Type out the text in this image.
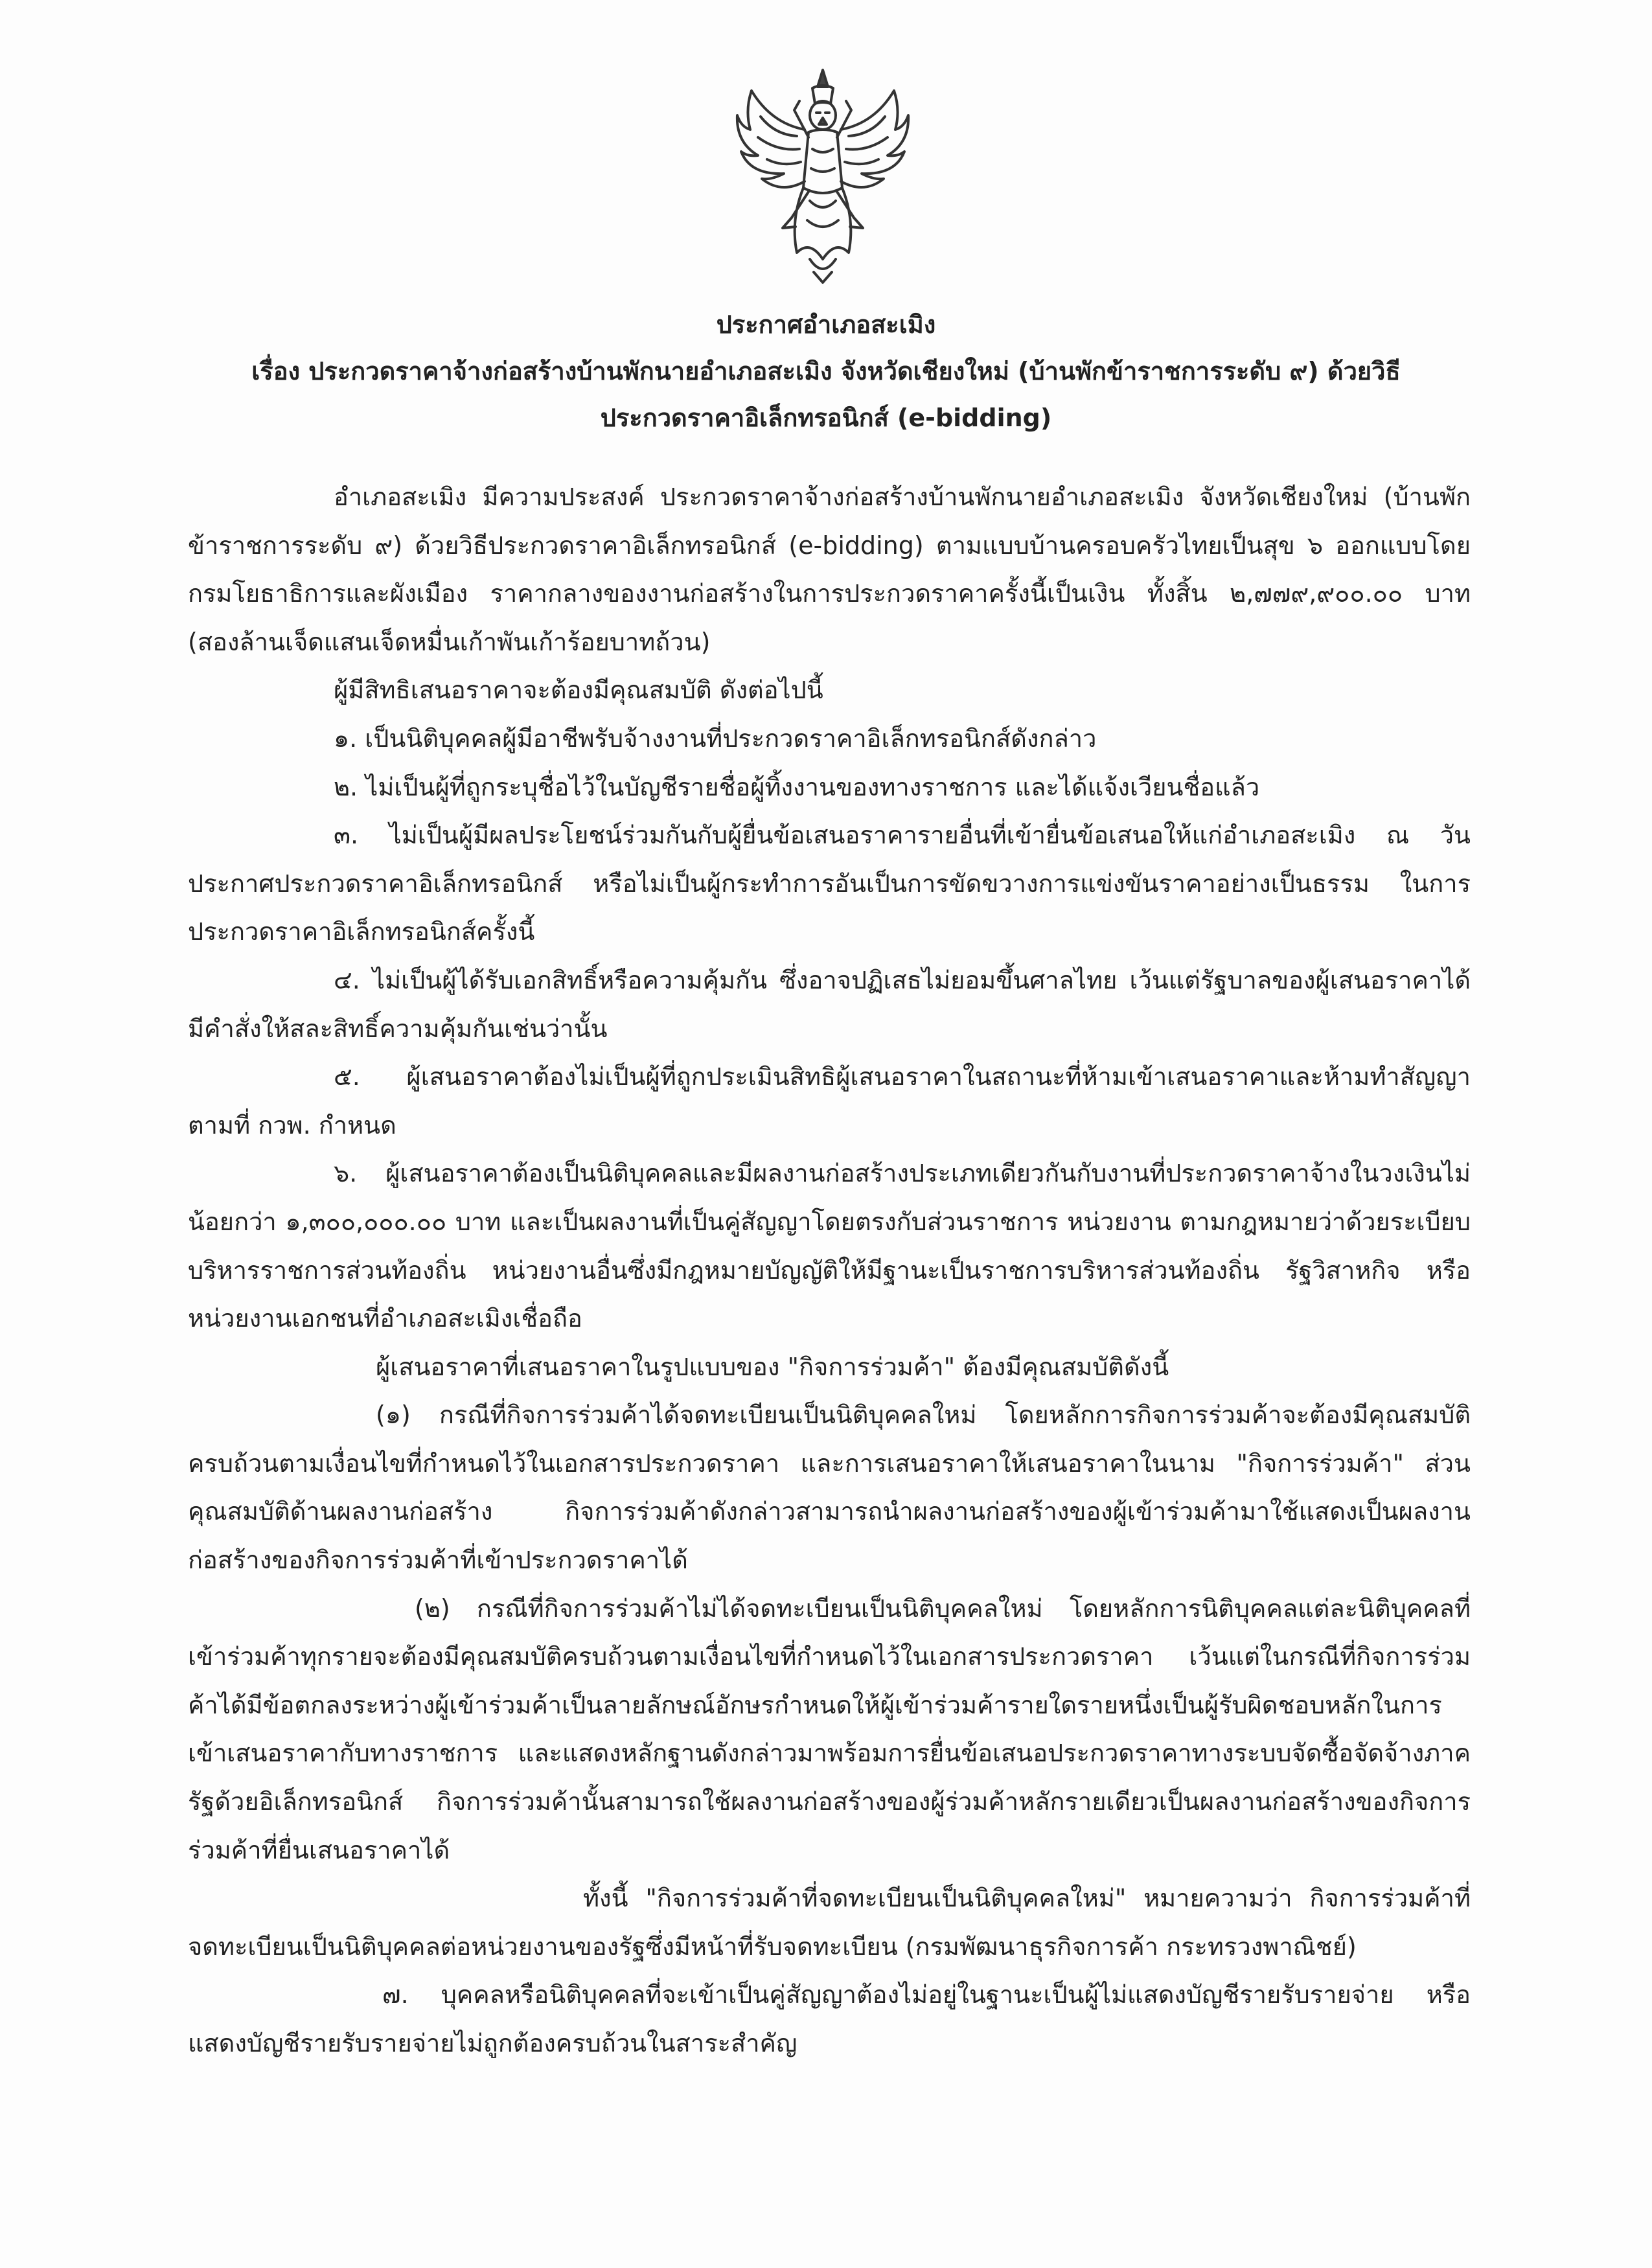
ประกาศอำเภอสะเมิง
เรื่อง ประกวดราคาจ้างก่อสร้างบ้านพักนายอำเภอสะเมิง จังหวัดเชียงใหม่ (บ้านพักข้าราชการระดับ ๙) ด้วยวิธี
ประกวดราคาอิเล็กทรอนิกส์ (e-bidding)

อำเภอสะเมิง มีความประสงค์ ประกวดราคาจ้างก่อสร้างบ้านพักนายอำเภอสะเมิง จังหวัดเชียงใหม่ (บ้านพักข้าราชการระดับ ๙) ด้วยวิธีประกวดราคาอิเล็กทรอนิกส์ (e-bidding) ตามแบบบ้านครอบครัวไทยเป็นสุข ๖ ออกแบบโดยกรมโยธาธิการและผังเมือง ราคากลางของงานก่อสร้างในการประกวดราคาครั้งนี้เป็นเงิน ทั้งสิ้น ๒,๗๗๙,๙๐๐.๐๐ บาท (สองล้านเจ็ดแสนเจ็ดหมื่นเก้าพันเก้าร้อยบาทถ้วน)

ผู้มีสิทธิเสนอราคาจะต้องมีคุณสมบัติ ดังต่อไปนี้

๑. เป็นนิติบุคคลผู้มีอาชีพรับจ้างงานที่ประกวดราคาอิเล็กทรอนิกส์ดังกล่าว

๒. ไม่เป็นผู้ที่ถูกระบุชื่อไว้ในบัญชีรายชื่อผู้ทิ้งงานของทางราชการ และได้แจ้งเวียนชื่อแล้ว

๓. ไม่เป็นผู้มีผลประโยชน์ร่วมกันกับผู้ยื่นข้อเสนอราคารายอื่นที่เข้ายื่นข้อเสนอให้แก่อำเภอสะเมิง ณ วันประกาศประกวดราคาอิเล็กทรอนิกส์ หรือไม่เป็นผู้กระทำการอันเป็นการขัดขวางการแข่งขันราคาอย่างเป็นธรรม ในการประกวดราคาอิเล็กทรอนิกส์ครั้งนี้

๔. ไม่เป็นผู้ได้รับเอกสิทธิ์หรือความคุ้มกัน ซึ่งอาจปฏิเสธไม่ยอมขึ้นศาลไทย เว้นแต่รัฐบาลของผู้เสนอราคาได้มีคำสั่งให้สละสิทธิ์ความคุ้มกันเช่นว่านั้น

๕. ผู้เสนอราคาต้องไม่เป็นผู้ที่ถูกประเมินสิทธิผู้เสนอราคาในสถานะที่ห้ามเข้าเสนอราคาและห้ามทำสัญญาตามที่ กวพ. กำหนด

๖. ผู้เสนอราคาต้องเป็นนิติบุคคลและมีผลงานก่อสร้างประเภทเดียวกันกับงานที่ประกวดราคาจ้างในวงเงินไม่น้อยกว่า ๑,๓๐๐,๐๐๐.๐๐ บาท และเป็นผลงานที่เป็นคู่สัญญาโดยตรงกับส่วนราชการ หน่วยงาน ตามกฎหมายว่าด้วยระเบียบบริหารราชการส่วนท้องถิ่น หน่วยงานอื่นซึ่งมีกฎหมายบัญญัติให้มีฐานะเป็นราชการบริหารส่วนท้องถิ่น รัฐวิสาหกิจ หรือหน่วยงานเอกชนที่อำเภอสะเมิงเชื่อถือ

ผู้เสนอราคาที่เสนอราคาในรูปแบบของ "กิจการร่วมค้า" ต้องมีคุณสมบัติดังนี้

(๑) กรณีที่กิจการร่วมค้าได้จดทะเบียนเป็นนิติบุคคลใหม่ โดยหลักการกิจการร่วมค้าจะต้องมีคุณสมบัติครบถ้วนตามเงื่อนไขที่กำหนดไว้ในเอกสารประกวดราคา และการเสนอราคาให้เสนอราคาในนาม "กิจการร่วมค้า" ส่วนคุณสมบัติด้านผลงานก่อสร้าง กิจการร่วมค้าดังกล่าวสามารถนำผลงานก่อสร้างของผู้เข้าร่วมค้ามาใช้แสดงเป็นผลงานก่อสร้างของกิจการร่วมค้าที่เข้าประกวดราคาได้

(๒) กรณีที่กิจการร่วมค้าไม่ได้จดทะเบียนเป็นนิติบุคคลใหม่ โดยหลักการนิติบุคคลแต่ละนิติบุคคลที่เข้าร่วมค้าทุกรายจะต้องมีคุณสมบัติครบถ้วนตามเงื่อนไขที่กำหนดไว้ในเอกสารประกวดราคา เว้นแต่ในกรณีที่กิจการร่วมค้าได้มีข้อตกลงระหว่างผู้เข้าร่วมค้าเป็นลายลักษณ์อักษรกำหนดให้ผู้เข้าร่วมค้ารายใดรายหนึ่งเป็นผู้รับผิดชอบหลักในการเข้าเสนอราคากับทางราชการ และแสดงหลักฐานดังกล่าวมาพร้อมการยื่นข้อเสนอประกวดราคาทางระบบจัดซื้อจัดจ้างภาครัฐด้วยอิเล็กทรอนิกส์ กิจการร่วมค้านั้นสามารถใช้ผลงานก่อสร้างของผู้ร่วมค้าหลักรายเดียวเป็นผลงานก่อสร้างของกิจการร่วมค้าที่ยื่นเสนอราคาได้

ทั้งนี้ "กิจการร่วมค้าที่จดทะเบียนเป็นนิติบุคคลใหม่" หมายความว่า กิจการร่วมค้าที่จดทะเบียนเป็นนิติบุคคลต่อหน่วยงานของรัฐซึ่งมีหน้าที่รับจดทะเบียน (กรมพัฒนาธุรกิจการค้า กระทรวงพาณิชย์)

๗. บุคคลหรือนิติบุคคลที่จะเข้าเป็นคู่สัญญาต้องไม่อยู่ในฐานะเป็นผู้ไม่แสดงบัญชีรายรับรายจ่าย หรือแสดงบัญชีรายรับรายจ่ายไม่ถูกต้องครบถ้วนในสาระสำคัญ
